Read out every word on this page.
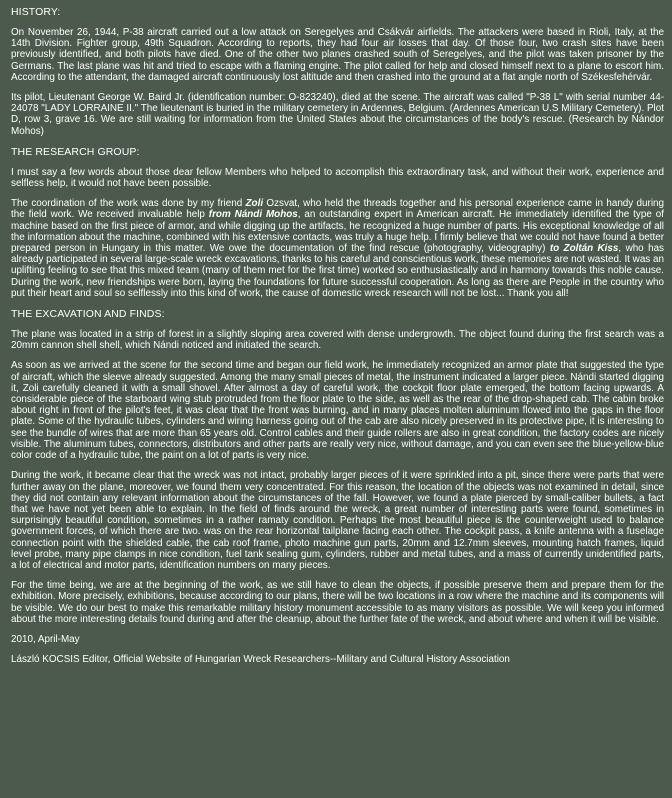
HISTORY:

On November 26, 1944, P-38 aircraft carried out a low attack on Seregelyes and Csákvár airfields. The attackers were based in Rioli, Italy, at the 14th Division. Fighter group, 49th Squadron. According to reports, they had four air losses that day. Of those four, two crash sites have been previously identified, and both pilots have died. One of the other two planes crashed south of Seregelyes, and the pilot was taken prisoner by the Germans. The last plane was hit and tried to escape with a flaming engine. The pilot called for help and closed himself next to a plane to escort him. According to the attendant, the damaged aircraft continuously lost altitude and then crashed into the ground at a flat angle north of Székesfehérvár.

Its pilot, Lieutenant George W. Baird Jr. (identification number: O-823240), died at the scene. The aircraft was called "P-38 L" with serial number 44-24078 "LADY LORRAINE II." The lieutenant is buried in the military cemetery in Ardennes, Belgium. (Ardennes American U.S Military Cemetery). Plot D, row 3, grave 16. We are still waiting for information from the United States about the circumstances of the body's rescue. (Research by Nándor Mohos)

THE RESEARCH GROUP:

I must say a few words about those dear fellow Members who helped to accomplish this extraordinary task, and without their work, experience and selfless help, it would not have been possible.

The coordination of the work was done by my friend Zoli Ozsvat, who held the threads together and his personal experience came in handy during the field work. We received invaluable help from Nándi Mohos, an outstanding expert in American aircraft. He immediately identified the type of machine based on the first piece of armor, and while digging up the artifacts, he recognized a huge number of parts. His exceptional knowledge of all the information about the machine, combined with his extensive contacts, was truly a huge help. I firmly believe that we could not have found a better prepared person in Hungary in this matter. We owe the documentation of the find rescue (photography, videography) to Zoltán Kiss, who has already participated in several large-scale wreck excavations, thanks to his careful and conscientious work, these memories are not wasted. It was an uplifting feeling to see that this mixed team (many of them met for the first time) worked so enthusiastically and in harmony towards this noble cause. During the work, new friendships were born, laying the foundations for future successful cooperation. As long as there are People in the country who put their heart and soul so selflessly into this kind of work, the cause of domestic wreck research will not be lost... Thank you all!

THE EXCAVATION AND FINDS:

The plane was located in a strip of forest in a slightly sloping area covered with dense undergrowth. The object found during the first search was a 20mm cannon shell shell, which Nándi noticed and initiated the search.

As soon as we arrived at the scene for the second time and began our field work, he immediately recognized an armor plate that suggested the type of aircraft, which the sleeve already suggested. Among the many small pieces of metal, the instrument indicated a larger piece. Nándi started digging it, Zoli carefully cleaned it with a small shovel. After almost a day of careful work, the cockpit floor plate emerged, the bottom facing upwards. A considerable piece of the starboard wing stub protruded from the floor plate to the side, as well as the rear of the drop-shaped cab. The cabin broke about right in front of the pilot's feet, it was clear that the front was burning, and in many places molten aluminum flowed into the gaps in the floor plate. Some of the hydraulic tubes, cylinders and wiring harness going out of the cab are also nicely preserved in its protective pipe, it is interesting to see the bundle of wires that are more than 65 years old. Control cables and their guide rollers are also in great condition, the factory codes are nicely visible. The aluminum tubes, connectors, distributors and other parts are really very nice, without damage, and you can even see the blue-yellow-blue color code of a hydraulic tube, the paint on a lot of parts is very nice.

During the work, it became clear that the wreck was not intact, probably larger pieces of it were sprinkled into a pit, since there were parts that were further away on the plane, moreover, we found them very concentrated. For this reason, the location of the objects was not examined in detail, since they did not contain any relevant information about the circumstances of the fall. However, we found a plate pierced by small-caliber bullets, a fact that we have not yet been able to explain. In the field of finds around the wreck, a great number of interesting parts were found, sometimes in surprisingly beautiful condition, sometimes in a rather ramaty condition. Perhaps the most beautiful piece is the counterweight used to balance government forces, of which there are two. was on the rear horizontal tailplane facing each other. The cockpit pass, a knife antenna with a fuselage connection point with the shielded cable, the cab roof frame, photo machine gun parts, 20mm and 12.7mm sleeves, mounting hatch frames, liquid level probe, many pipe clamps in nice condition, fuel tank sealing gum, cylinders, rubber and metal tubes, and a mass of currently unidentified parts, a lot of electrical and motor parts, identification numbers on many pieces.

For the time being, we are at the beginning of the work, as we still have to clean the objects, if possible preserve them and prepare them for the exhibition. More precisely, exhibitions, because according to our plans, there will be two locations in a row where the machine and its components will be visible. We do our best to make this remarkable military history monument accessible to as many visitors as possible. We will keep you informed about the more interesting details found during and after the cleanup, about the further fate of the wreck, and about where and when it will be visible.

2010, April-May

László KOCSIS Editor, Official Website of Hungarian Wreck Researchers--Military and Cultural History Association
